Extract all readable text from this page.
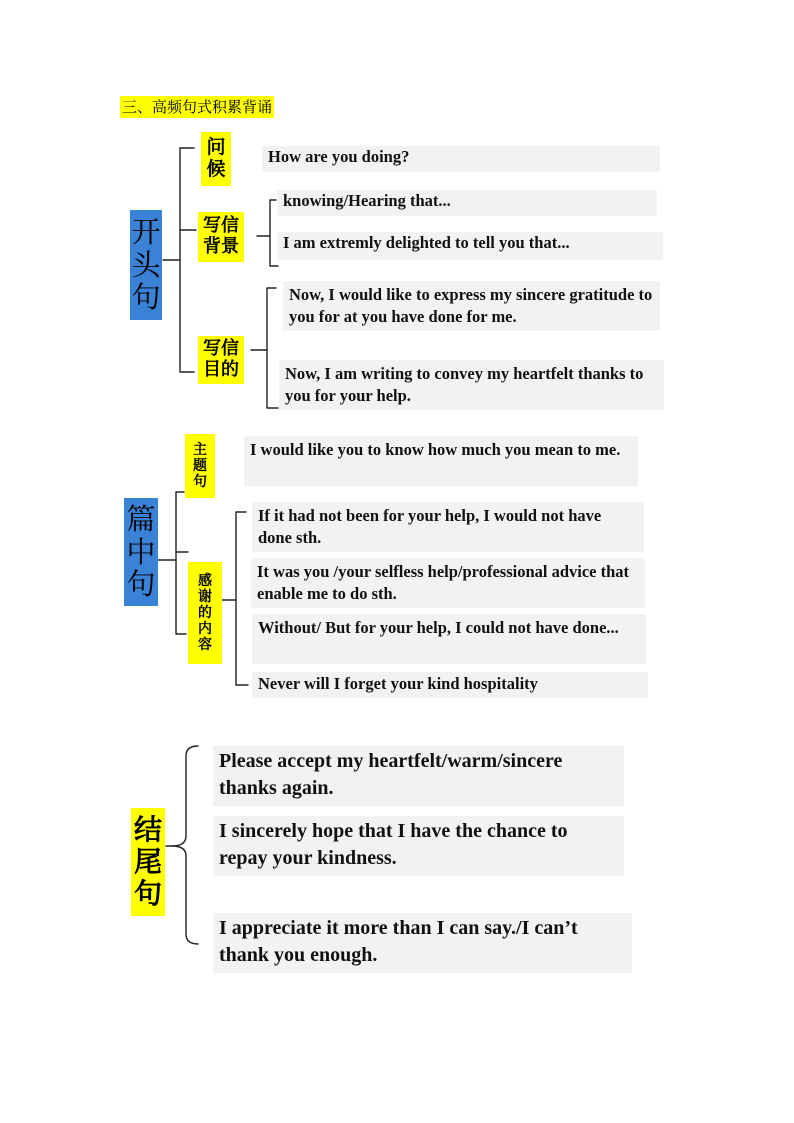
三、高频句式积累背诵
开
头
句
问
候
How are you doing?
写信
背景
knowing/Hearing that...
I am extremly delighted to tell you that...
写信
目的
Now, I would like to express my sincere gratitude to you for at you have done for me.
Now, I am writing to convey my heartfelt thanks to you for your help.
篇
中
句
主
题
句
I would like you to know how much you mean to me.
感
谢
的
内
容
If it had not been for your help, I would not have done sth.
It was you /your selfless help/professional advice that enable me to do sth.
Without/ But for your help, I could not have done...
Never will I forget your kind hospitality
结
尾
句
Please accept my heartfelt/warm/sincere thanks again.
I sincerely hope that I have the chance to repay your kindness.
I appreciate it more than I can say./I can’t thank you enough.
